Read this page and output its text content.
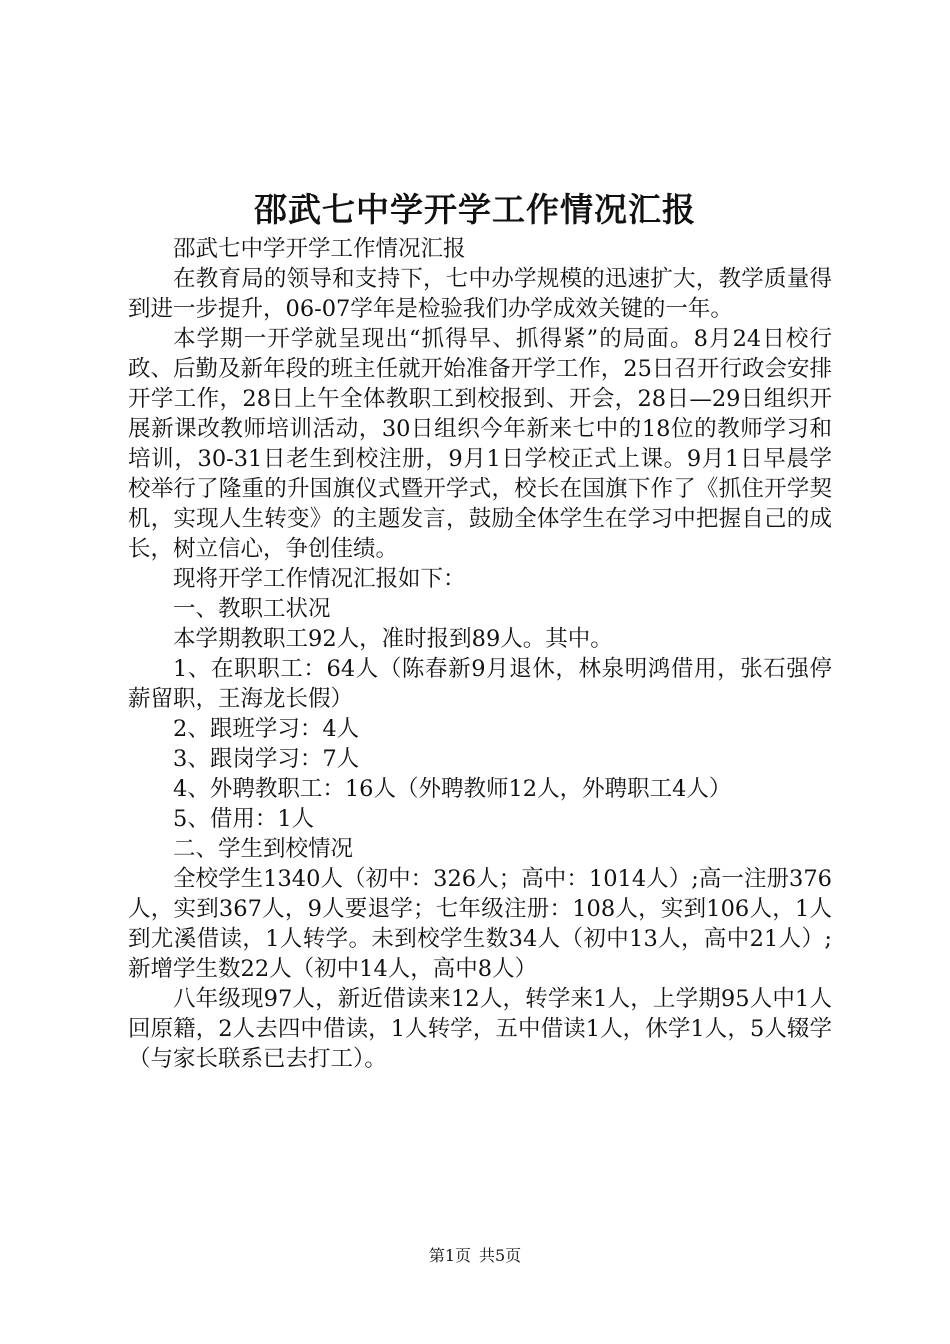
邵武七中学开学工作情况汇报

邵武七中学开学工作情况汇报

在教育局的领导和支持下，七中办学规模的迅速扩大，教学质量得到进一步提升，06-07学年是检验我们办学成效关键的一年。

本学期一开学就呈现出“抓得早、抓得紧”的局面。8月24日校行政、后勤及新年段的班主任就开始准备开学工作，25日召开行政会安排开学工作，28日上午全体教职工到校报到、开会，28日—29日组织开展新课改教师培训活动，30日组织今年新来七中的18位的教师学习和培训，30-31日老生到校注册，9月1日学校正式上课。9月1日早晨学校举行了隆重的升国旗仪式暨开学式，校长在国旗下作了《抓住开学契机，实现人生转变》的主题发言，鼓励全体学生在学习中把握自己的成长，树立信心，争创佳绩。

现将开学工作情况汇报如下：

一、教职工状况

本学期教职工92人，准时报到89人。其中。

1、在职职工：64人（陈春新9月退休，林泉明鸿借用，张石强停薪留职，王海龙长假）

2、跟班学习：4人

3、跟岗学习：7人

4、外聘教职工：16人（外聘教师12人，外聘职工4人）

5、借用：1人

二、学生到校情况

全校学生1340人（初中：326人；高中：1014人）;高一注册376人，实到367人，9人要退学；七年级注册：108人，实到106人，1人到尤溪借读，1人转学。未到校学生数34人（初中13人，高中21人）;新增学生数22人（初中14人，高中8人）

八年级现97人，新近借读来12人，转学来1人，上学期95人中1人回原籍，2人去四中借读，1人转学，五中借读1人，休学1人，5人辍学（与家长联系已去打工）。

第1页 共5页
